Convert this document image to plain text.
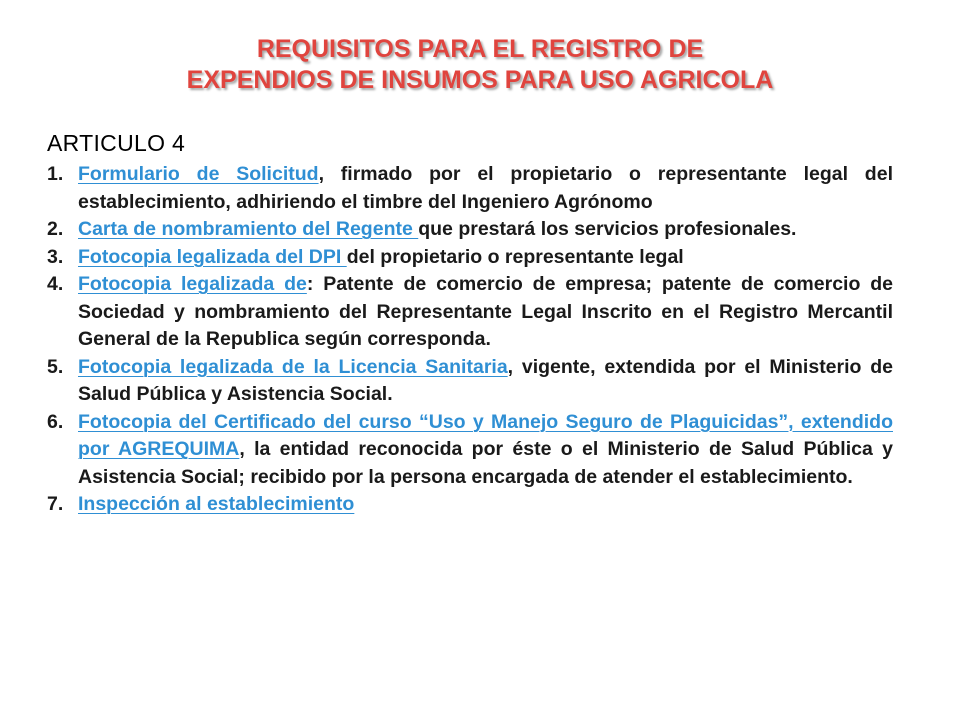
REQUISITOS PARA EL REGISTRO DE
EXPENDIOS DE INSUMOS PARA USO AGRICOLA
ARTICULO 4
1. Formulario de Solicitud, firmado por el propietario o representante legal del establecimiento, adhiriendo el timbre del Ingeniero Agrónomo
2. Carta de nombramiento del Regente que prestará los servicios profesionales.
3. Fotocopia legalizada del DPI del propietario o representante legal
4. Fotocopia legalizada de: Patente de comercio de empresa; patente de comercio de Sociedad y nombramiento del Representante Legal Inscrito en el Registro Mercantil General de la Republica según corresponda.
5. Fotocopia legalizada de la Licencia Sanitaria, vigente, extendida por el Ministerio de Salud Pública y Asistencia Social.
6. Fotocopia del Certificado del curso “Uso y Manejo Seguro de Plaguicidas”, extendido por AGREQUIMA, la entidad reconocida por éste o el Ministerio de Salud Pública y Asistencia Social; recibido por la persona encargada de atender el establecimiento.
7. Inspección al establecimiento
